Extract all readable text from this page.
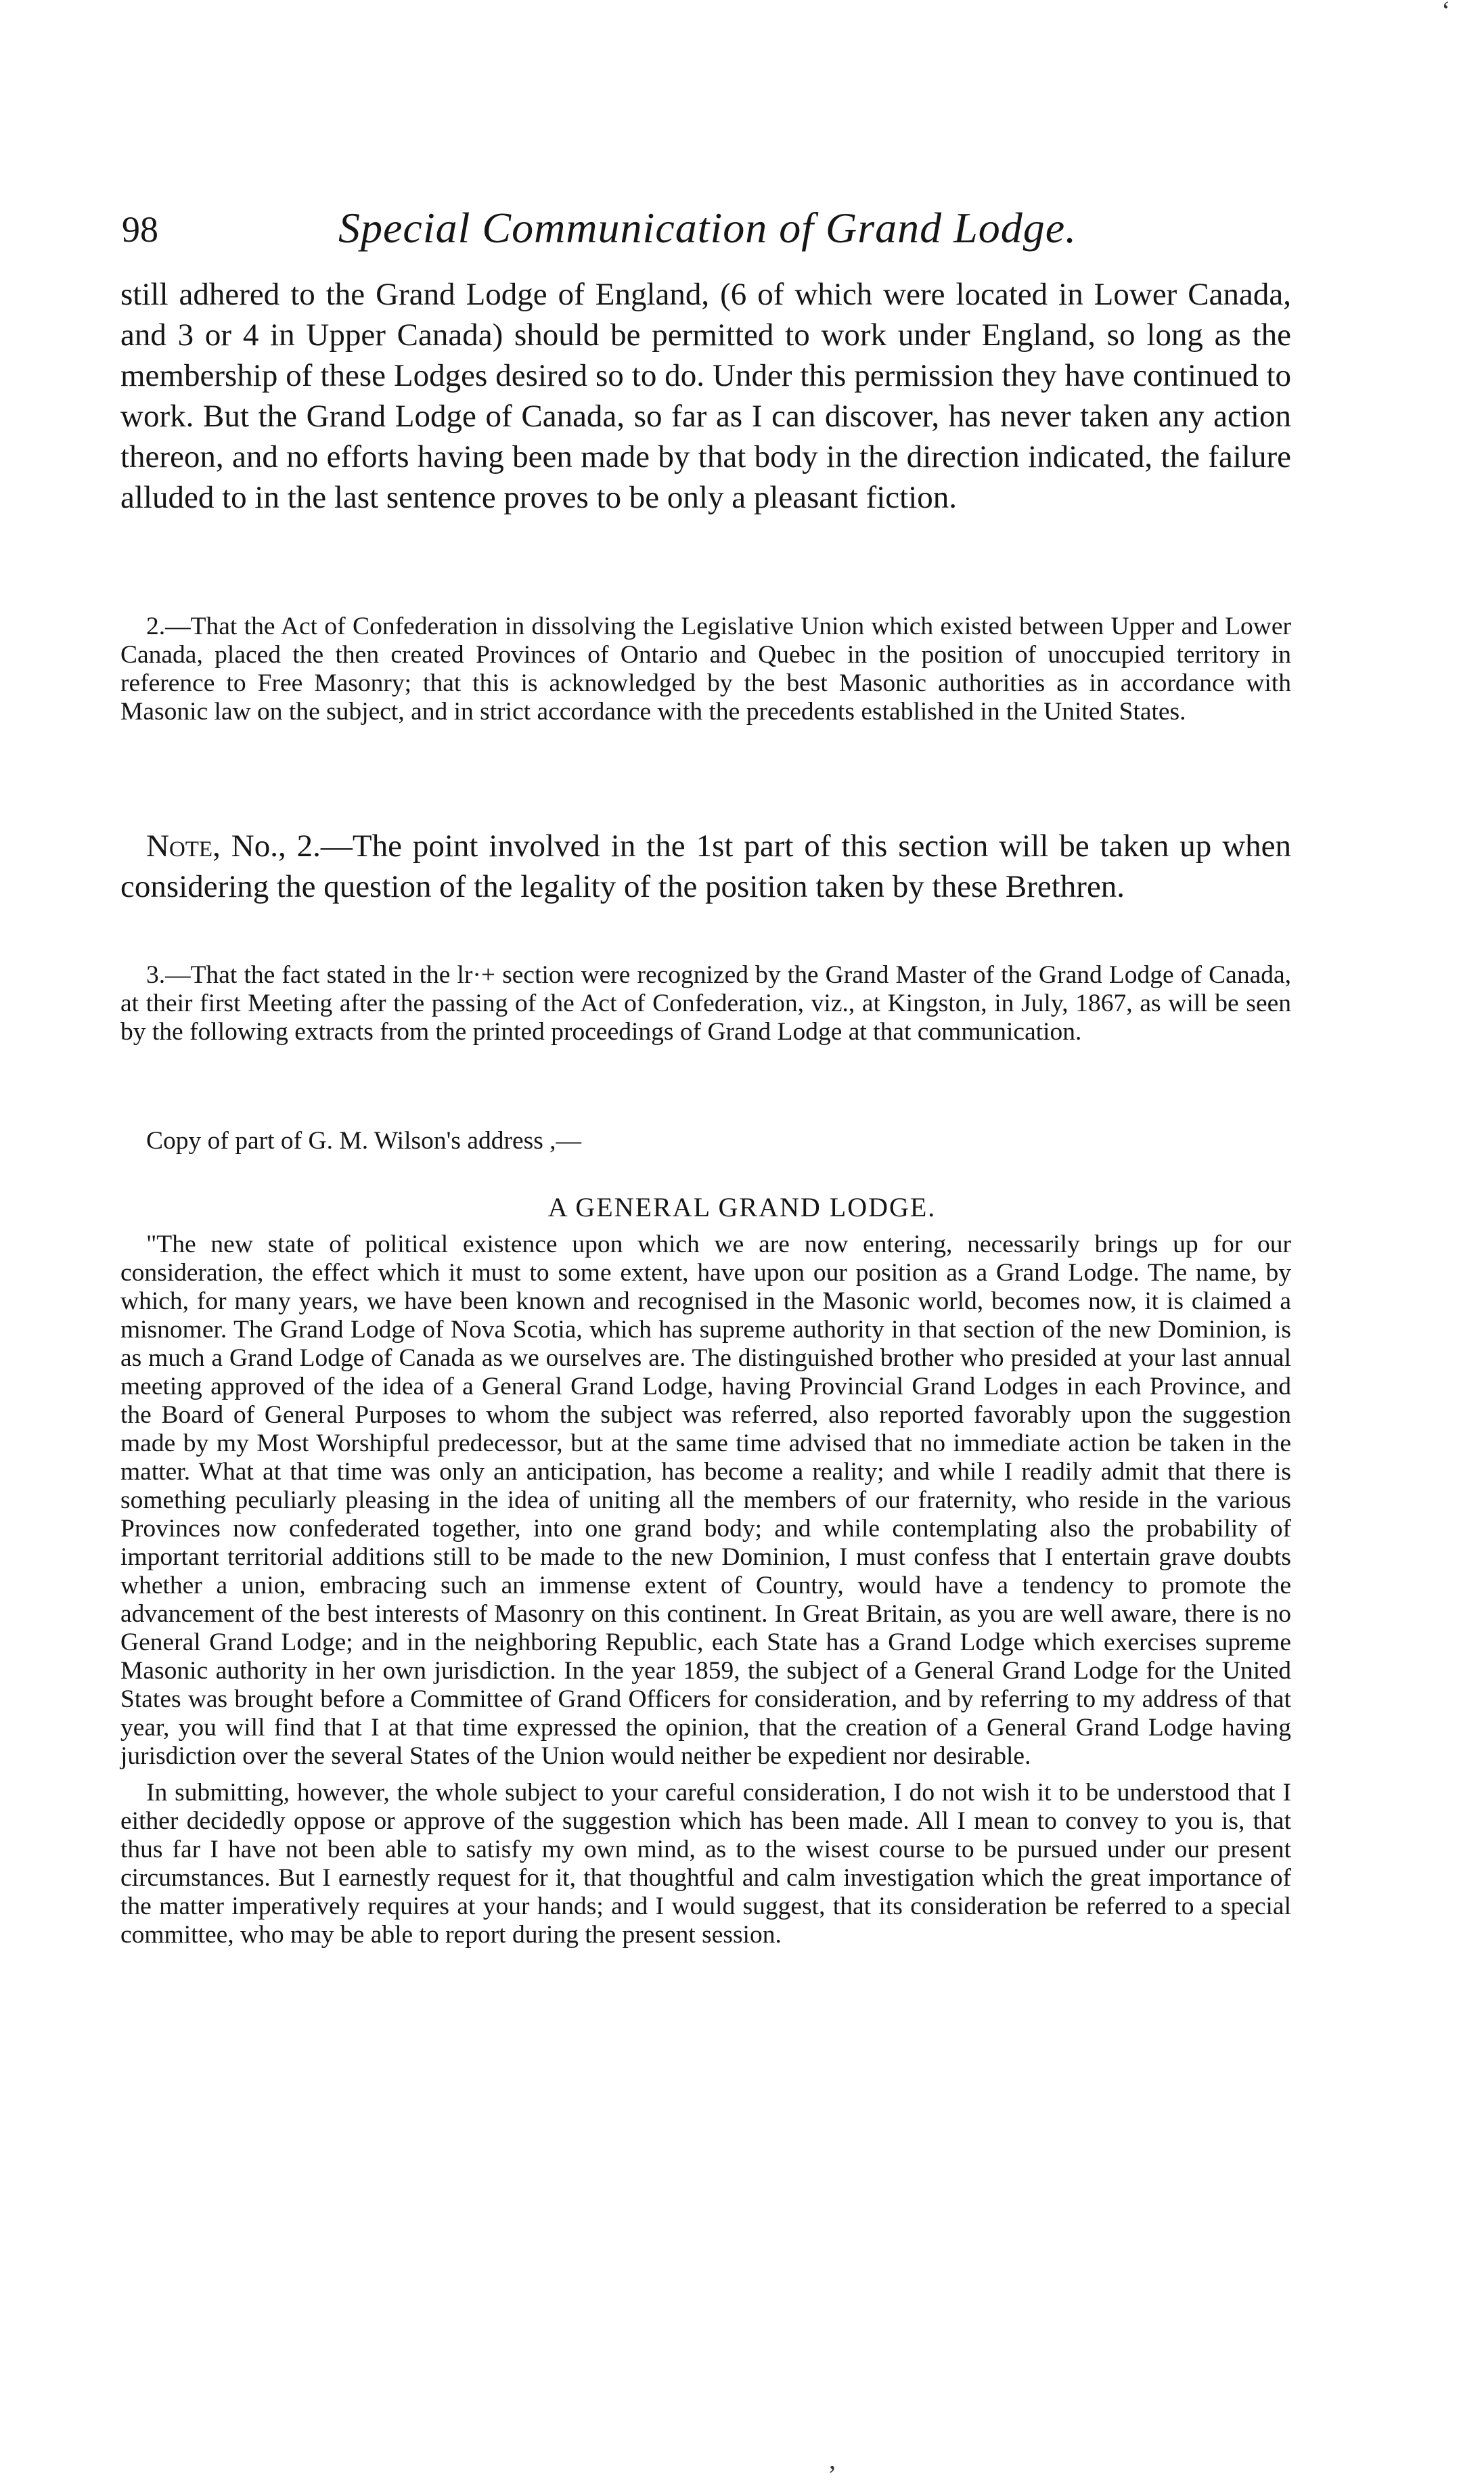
98	Special Communication of Grand Lodge.

still adhered to the Grand Lodge of England, (6 of which were located in Lower Canada, and 3 or 4 in Upper Canada) should be permitted to work under England, so long as the membership of these Lodges desired so to do. Under this permission they have continued to work. But the Grand Lodge of Canada, so far as I can discover, has never taken any action thereon, and no efforts having been made by that body in the direction indicated, the failure alluded to in the last sentence proves to be only a pleasant fiction.

2.—That the Act of Confederation in dissolving the Legislative Union which existed between Upper and Lower Canada, placed the then created Provinces of Ontario and Quebec in the position of unoccupied territory in reference to Free Masonry; that this is acknowledged by the best Masonic authorities as in accordance with Masonic law on the subject, and in strict accordance with the precedents established in the United States.

Note, No., 2.—The point involved in the 1st part of this section will be taken up when considering the question of the legality of the position taken by these Brethren.

3.—That the fact stated in the lr·+ section were recognized by the Grand Master of the Grand Lodge of Canada, at their first Meeting after the passing of the Act of Confederation, viz., at Kingston, in July, 1867, as will be seen by the following extracts from the printed proceedings of Grand Lodge at that communication.

Copy of part of G. M. Wilson's address ,—

A GENERAL GRAND LODGE.

"The new state of political existence upon which we are now entering, necessarily brings up for our consideration, the effect which it must to some extent, have upon our position as a Grand Lodge. The name, by which, for many years, we have been known and recognised in the Masonic world, becomes now, it is claimed a misnomer. The Grand Lodge of Nova Scotia, which has supreme authority in that section of the new Dominion, is as much a Grand Lodge of Canada as we ourselves are. The distinguished brother who presided at your last annual meeting approved of the idea of a General Grand Lodge, having Provincial Grand Lodges in each Province, and the Board of General Purposes to whom the subject was referred, also reported favorably upon the suggestion made by my Most Worshipful predecessor, but at the same time advised that no immediate action be taken in the matter. What at that time was only an anticipation, has become a reality; and while I readily admit that there is something peculiarly pleasing in the idea of uniting all the members of our fraternity, who reside in the various Provinces now confederated together, into one grand body; and while contemplating also the probability of important territorial additions still to be made to the new Dominion, I must confess that I entertain grave doubts whether a union, embracing such an immense extent of Country, would have a tendency to promote the advancement of the best interests of Masonry on this continent. In Great Britain, as you are well aware, there is no General Grand Lodge; and in the neighboring Republic, each State has a Grand Lodge which exercises supreme Masonic authority in her own jurisdiction. In the year 1859, the subject of a General Grand Lodge for the United States was brought before a Committee of Grand Officers for consideration, and by referring to my address of that year, you will find that I at that time expressed the opinion, that the creation of a General Grand Lodge having jurisdiction over the several States of the Union would neither be expedient nor desirable.

In submitting, however, the whole subject to your careful consideration, I do not wish it to be understood that I either decidedly oppose or approve of the suggestion which has been made. All I mean to convey to you is, that thus far I have not been able to satisfy my own mind, as to the wisest course to be pursued under our present circumstances. But I earnestly request for it, that thoughtful and calm investigation which the great importance of the matter imperatively requires at your hands; and I would suggest, that its consideration be referred to a special committee, who may be able to report during the present session.

‘
,
